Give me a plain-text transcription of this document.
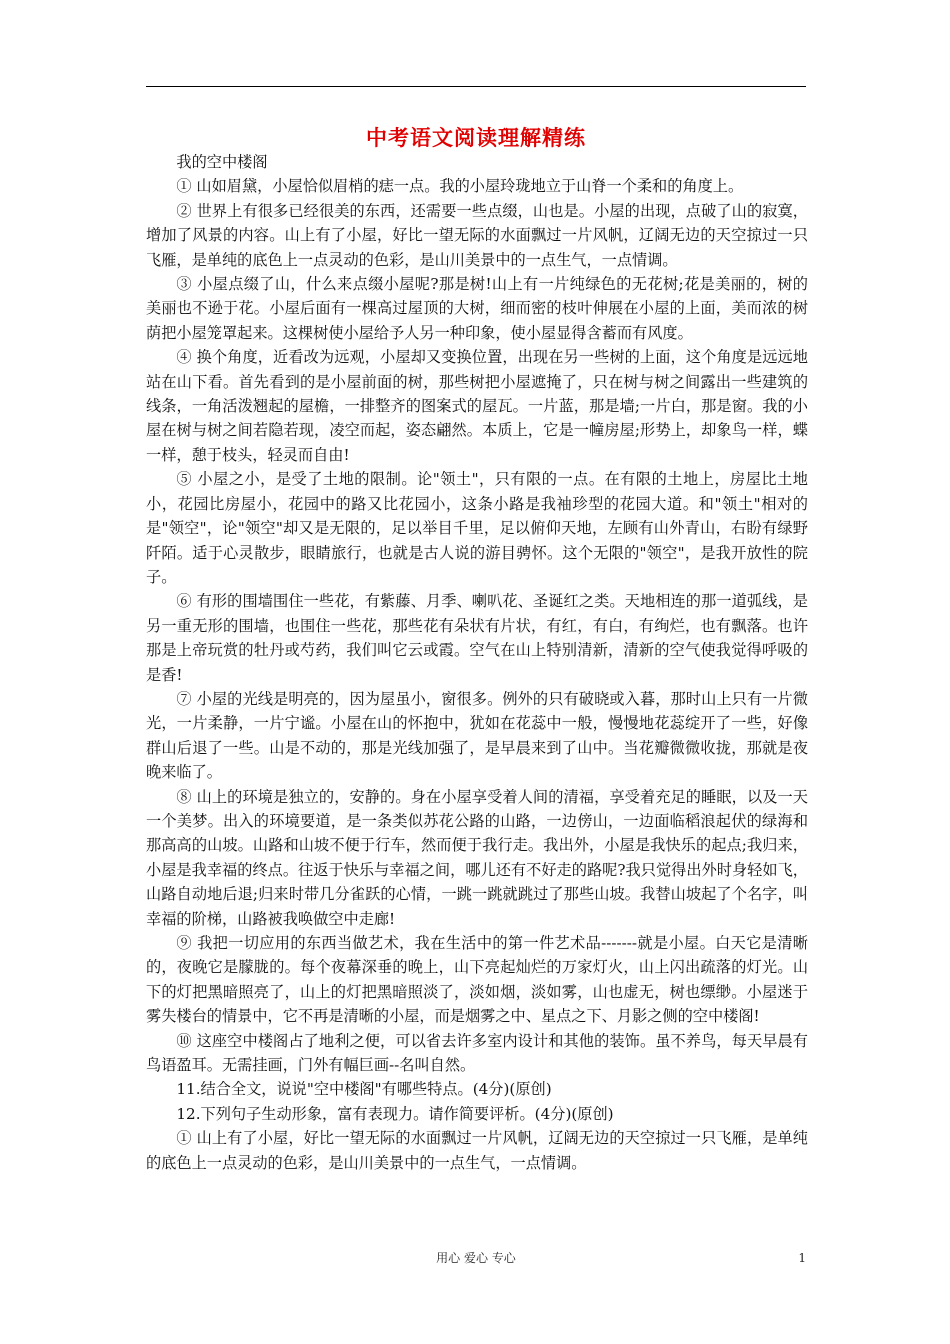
中考语文阅读理解精练

我的空中楼阁

① 山如眉黛，小屋恰似眉梢的痣一点。我的小屋玲珑地立于山脊一个柔和的角度上。

② 世界上有很多已经很美的东西，还需要一些点缀，山也是。小屋的出现，点破了山的寂寞，增加了风景的内容。山上有了小屋，好比一望无际的水面飘过一片风帆，辽阔无边的天空掠过一只飞雁，是单纯的底色上一点灵动的色彩，是山川美景中的一点生气，一点情调。

③ 小屋点缀了山，什么来点缀小屋呢?那是树!山上有一片纯绿色的无花树;花是美丽的，树的美丽也不逊于花。小屋后面有一棵高过屋顶的大树，细而密的枝叶伸展在小屋的上面，美而浓的树荫把小屋笼罩起来。这棵树使小屋给予人另一种印象，使小屋显得含蓄而有风度。

④ 换个角度，近看改为远观，小屋却又变换位置，出现在另一些树的上面，这个角度是远远地站在山下看。首先看到的是小屋前面的树，那些树把小屋遮掩了，只在树与树之间露出一些建筑的线条，一角活泼翘起的屋檐，一排整齐的图案式的屋瓦。一片蓝，那是墙;一片白，那是窗。我的小屋在树与树之间若隐若现，凌空而起，姿态翩然。本质上，它是一幢房屋;形势上，却象鸟一样，蝶一样，憩于枝头，轻灵而自由!

⑤ 小屋之小，是受了土地的限制。论"领土"，只有限的一点。在有限的土地上，房屋比土地小，花园比房屋小，花园中的路又比花园小，这条小路是我袖珍型的花园大道。和"领土"相对的是"领空"，论"领空"却又是无限的，足以举目千里，足以俯仰天地，左顾有山外青山，右盼有绿野阡陌。适于心灵散步，眼睛旅行，也就是古人说的游目骋怀。这个无限的"领空"，是我开放性的院子。

⑥ 有形的围墙围住一些花，有紫藤、月季、喇叭花、圣诞红之类。天地相连的那一道弧线，是另一重无形的围墙，也围住一些花，那些花有朵状有片状，有红，有白，有绚烂，也有飘落。也许那是上帝玩赏的牡丹或芍药，我们叫它云或霞。空气在山上特别清新，清新的空气使我觉得呼吸的是香!

⑦ 小屋的光线是明亮的，因为屋虽小，窗很多。例外的只有破晓或入暮，那时山上只有一片微光，一片柔静，一片宁谧。小屋在山的怀抱中，犹如在花蕊中一般，慢慢地花蕊绽开了一些，好像群山后退了一些。山是不动的，那是光线加强了，是早晨来到了山中。当花瓣微微收拢，那就是夜晚来临了。

⑧ 山上的环境是独立的，安静的。身在小屋享受着人间的清福，享受着充足的睡眠，以及一天一个美梦。出入的环境要道，是一条类似苏花公路的山路，一边傍山，一边面临稻浪起伏的绿海和那高高的山坡。山路和山坡不便于行车，然而便于我行走。我出外，小屋是我快乐的起点;我归来，小屋是我幸福的终点。往返于快乐与幸福之间，哪儿还有不好走的路呢?我只觉得出外时身轻如飞，山路自动地后退;归来时带几分雀跃的心情，一跳一跳就跳过了那些山坡。我替山坡起了个名字，叫幸福的阶梯，山路被我唤做空中走廊!

⑨ 我把一切应用的东西当做艺术，我在生活中的第一件艺术品-------就是小屋。白天它是清晰的，夜晚它是朦胧的。每个夜幕深垂的晚上，山下亮起灿烂的万家灯火，山上闪出疏落的灯光。山下的灯把黑暗照亮了，山上的灯把黑暗照淡了，淡如烟，淡如雾，山也虚无，树也缥缈。小屋迷于雾失楼台的情景中，它不再是清晰的小屋，而是烟雾之中、星点之下、月影之侧的空中楼阁!

⑩ 这座空中楼阁占了地利之便，可以省去许多室内设计和其他的装饰。虽不养鸟，每天早晨有鸟语盈耳。无需挂画，门外有幅巨画--名叫自然。

11.结合全文，说说"空中楼阁"有哪些特点。(4分)(原创)

12.下列句子生动形象，富有表现力。请作简要评析。(4分)(原创)

① 山上有了小屋，好比一望无际的水面飘过一片风帆，辽阔无边的天空掠过一只飞雁，是单纯的底色上一点灵动的色彩，是山川美景中的一点生气，一点情调。

用心 爱心 专心	1
